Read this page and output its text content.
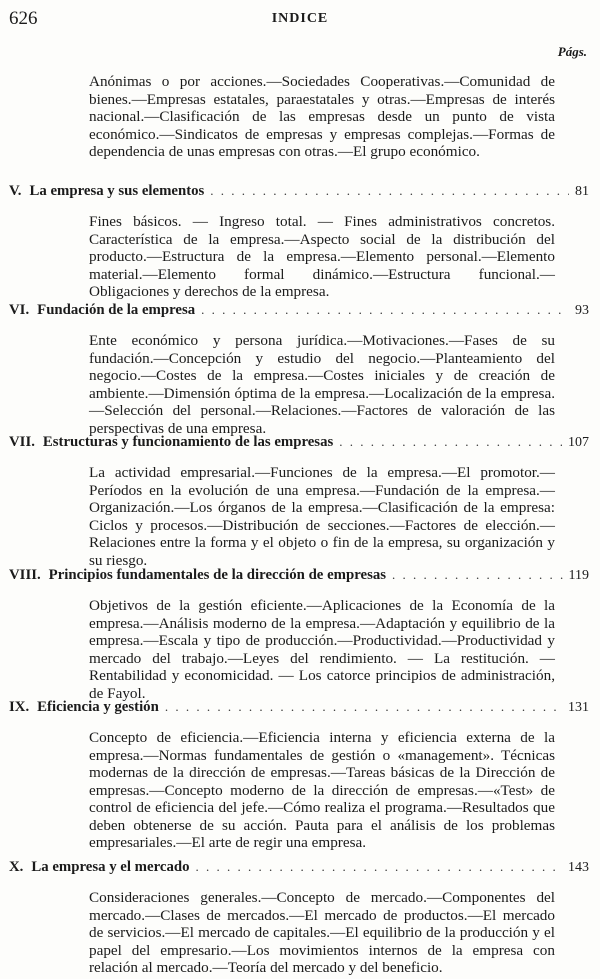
626	INDICE
Págs.

Anónimas o por acciones.—Sociedades Cooperativas.—Comunidad de bienes.—Empresas estatales, paraestatales y otras.—Empresas de interés nacional.—Clasificación de las empresas desde un punto de vista económico.—Sindicatos de empresas y empresas complejas.—Formas de dependencia de unas empresas con otras.—El grupo económico.

V. La empresa y sus elementos . . .	81
Fines básicos. — Ingreso total. — Fines administrativos concretos. Característica de la empresa.—Aspecto social de la distribución del producto.—Estructura de la empresa.—Elemento personal.—Elemento material.—Elemento formal dinámico.—Estructura funcional.—Obligaciones y derechos de la empresa.
VI. Fundación de la empresa . . .	93
Ente económico y persona jurídica.—Motivaciones.—Fases de su fundación.—Concepción y estudio del negocio.—Planteamiento del negocio.—Costes de la empresa.—Costes iniciales y de creación de ambiente.—Dimensión óptima de la empresa.—Localización de la empresa.—Selección del personal.—Relaciones.—Factores de valoración de las perspectivas de una empresa.
VII. Estructuras y funcionamiento de las empresas . . .	107
La actividad empresarial.—Funciones de la empresa.—El promotor.—Períodos en la evolución de una empresa.—Fundación de la empresa.—Organización.—Los órganos de la empresa.—Clasificación de la empresa: Ciclos y procesos.—Distribución de secciones.—Factores de elección.—Relaciones entre la forma y el objeto o fin de la empresa, su organización y su riesgo.
VIII. Principios fundamentales de la dirección de empresas . . .	119
Objetivos de la gestión eficiente.—Aplicaciones de la Economía de la empresa.—Análisis moderno de la empresa.—Adaptación y equilibrio de la empresa.—Escala y tipo de producción.—Productividad.—Productividad y mercado del trabajo.—Leyes del rendimiento. — La restitución. — Rentabilidad y economicidad. — Los catorce principios de administración, de Fayol.
IX. Eficiencia y gestión . . .	131
Concepto de eficiencia.—Eficiencia interna y eficiencia externa de la empresa.—Normas fundamentales de gestión o «management». Técnicas modernas de la dirección de empresas.—Tareas básicas de la Dirección de empresas.—Concepto moderno de la dirección de empresas.—«Test» de control de eficiencia del jefe.—Cómo realiza el programa.—Resultados que deben obtenerse de su acción. Pauta para el análisis de los problemas empresariales.—El arte de regir una empresa.
X. La empresa y el mercado . . .	143
Consideraciones generales.—Concepto de mercado.—Componentes del mercado.—Clases de mercados.—El mercado de productos.—El mercado de servicios.—El mercado de capitales.—El equilibrio de la producción y el papel del empresario.—Los movimientos internos de la empresa con relación al mercado.—Teoría del mercado y del beneficio.
